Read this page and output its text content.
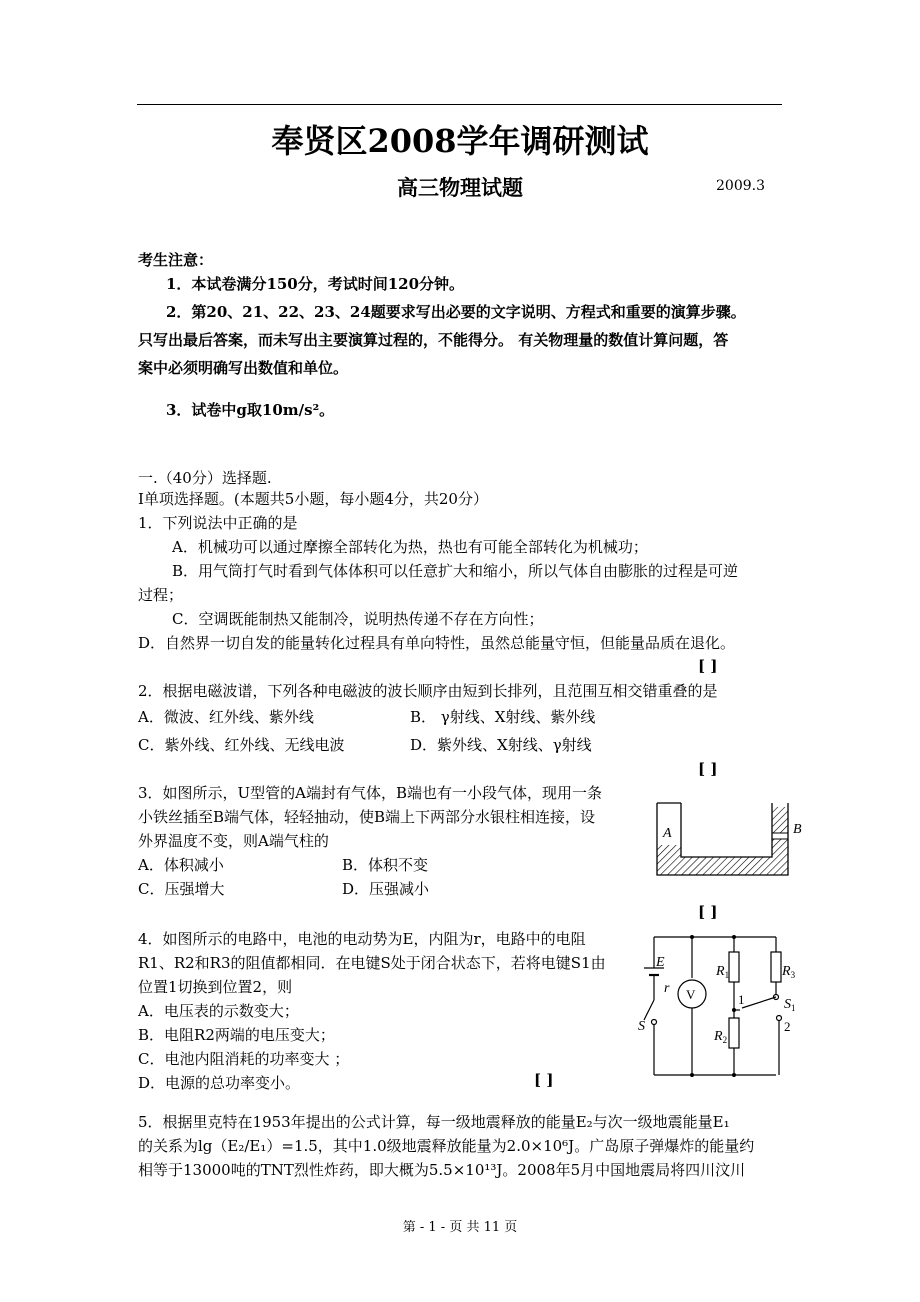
奉贤区2008学年调研测试
高三物理试题	2009.3
考生注意：
1．本试卷满分150分，考试时间120分钟。
2．第20、21、22、23、24题要求写出必要的文字说明、方程式和重要的演算步骤。
只写出最后答案，而未写出主要演算过程的，不能得分。 有关物理量的数值计算问题，答
案中必须明确写出数值和单位。
3．试卷中g取10m/s²。
一.（40分）选择题.
Ⅰ单项选择题。(本题共5小题，每小题4分，共20分）
1．下列说法中正确的是
A．机械功可以通过摩擦全部转化为热，热也有可能全部转化为机械功；
B．用气筒打气时看到气体体积可以任意扩大和缩小，所以气体自由膨胀的过程是可逆
过程；
C．空调既能制热又能制冷，说明热传递不存在方向性；
D．自然界一切自发的能量转化过程具有单向特性，虽然总能量守恒，但能量品质在退化。
[ ]
2．根据电磁波谱，下列各种电磁波的波长顺序由短到长排列，且范围互相交错重叠的是
A．微波、红外线、紫外线	B． γ射线、X射线、紫外线
C．紫外线、红外线、无线电波	D．紫外线、X射线、γ射线
[ ]
3．如图所示，U型管的A端封有气体，B端也有一小段气体，现用一条
小铁丝插至B端气体，轻轻抽动，使B端上下两部分水银柱相连接，设
外界温度不变，则A端气柱的
A．体积减小	B．体积不变
C．压强增大	D．压强减小
[ ]
A	B
4．如图所示的电路中，电池的电动势为E，内阻为r，电路中的电阻
R1、R2和R3的阻值都相同．在电键S处于闭合状态下，若将电键S1由
位置1切换到位置2，则
A．电压表的示数变大；
B．电阻R2两端的电压变大；
C．电池内阻消耗的功率变大 ；
D．电源的总功率变小。	[ ]
E
r V
S
$R_1$
$R_2$
$R_3$
$S_1$
1
2
5．根据里克特在1953年提出的公式计算，每一级地震释放的能量E₂与次一级地震能量E₁
的关系为lg（E₂/E₁）=1.5，其中1.0级地震释放能量为2.0×10⁶J。广岛原子弹爆炸的能量约
相等于13000吨的TNT烈性炸药，即大概为5.5×10¹³J。2008年5月中国地震局将四川汶川
第 - 1 - 页 共 11 页
